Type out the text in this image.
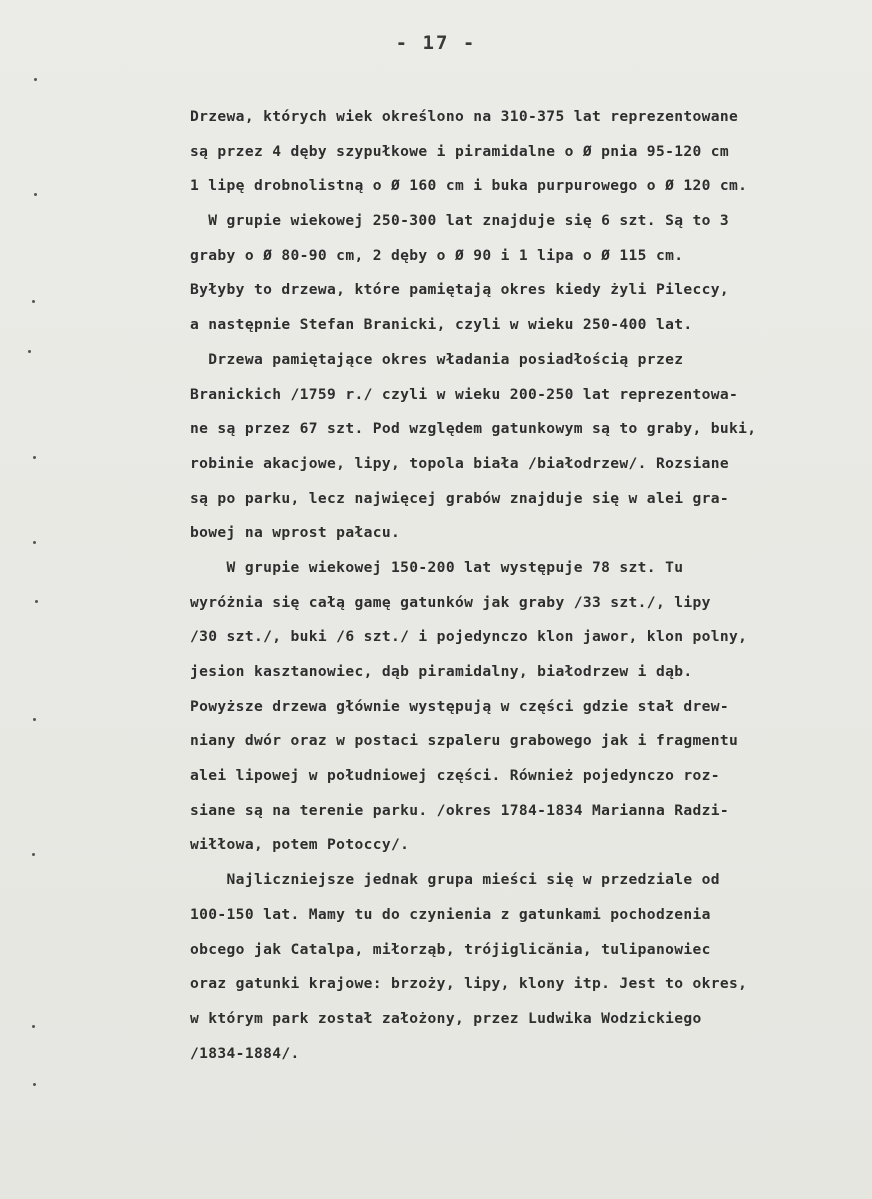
- 17 -
Drzewa, których wiek określono na 310-375 lat reprezentowane
są przez 4 dęby szypułkowe i piramidalne o Ø pnia 95-120 cm
1 lipę drobnolistną o Ø 160 cm i buka purpurowego o Ø 120 cm.
W grupie wiekowej 250-300 lat znajduje się 6 szt. Są to 3
graby o Ø 80-90 cm, 2 dęby o Ø 90 i 1 lipa o Ø 115 cm.
Byłyby to drzewa, które pamiętają okres kiedy żyli Pileccy,
a następnie Stefan Branicki, czyli w wieku 250-400 lat.
Drzewa pamiętające okres władania posiadłością przez
Branickich /1759 r./ czyli w wieku 200-250 lat reprezentowa-
ne są przez 67 szt. Pod względem gatunkowym są to graby, buki,
robinie akacjowe, lipy, topola biała /białodrzew/. Rozsiane
są po parku, lecz najwięcej grabów znajduje się w alei gra-
bowej na wprost pałacu.
W grupie wiekowej 150-200 lat występuje 78 szt. Tu
wyróżnia się całą gamę gatunków jak graby /33 szt./, lipy
/30 szt./, buki /6 szt./ i pojedynczo klon jawor, klon polny,
jesion kasztanowiec, dąb piramidalny, białodrzew i dąb.
Powyższe drzewa głównie występują w części gdzie stał drew-
niany dwór oraz w postaci szpaleru grabowego jak i fragmentu
alei lipowej w południowej części. Również pojedynczo roz-
siane są na terenie parku. /okres 1784-1834 Marianna Radzi-
wiłłowa, potem Potoccy/.
Najliczniejsze jednak grupa mieści się w przedziale od
100-150 lat. Mamy tu do czynienia z gatunkami pochodzenia
obcego jak Catalpa, miłorząb, trójiglicănia, tulipanowiec
oraz gatunki krajowe: brzoży, lipy, klony itp. Jest to okres,
w którym park został założony, przez Ludwika Wodzickiego
/1834-1884/.
